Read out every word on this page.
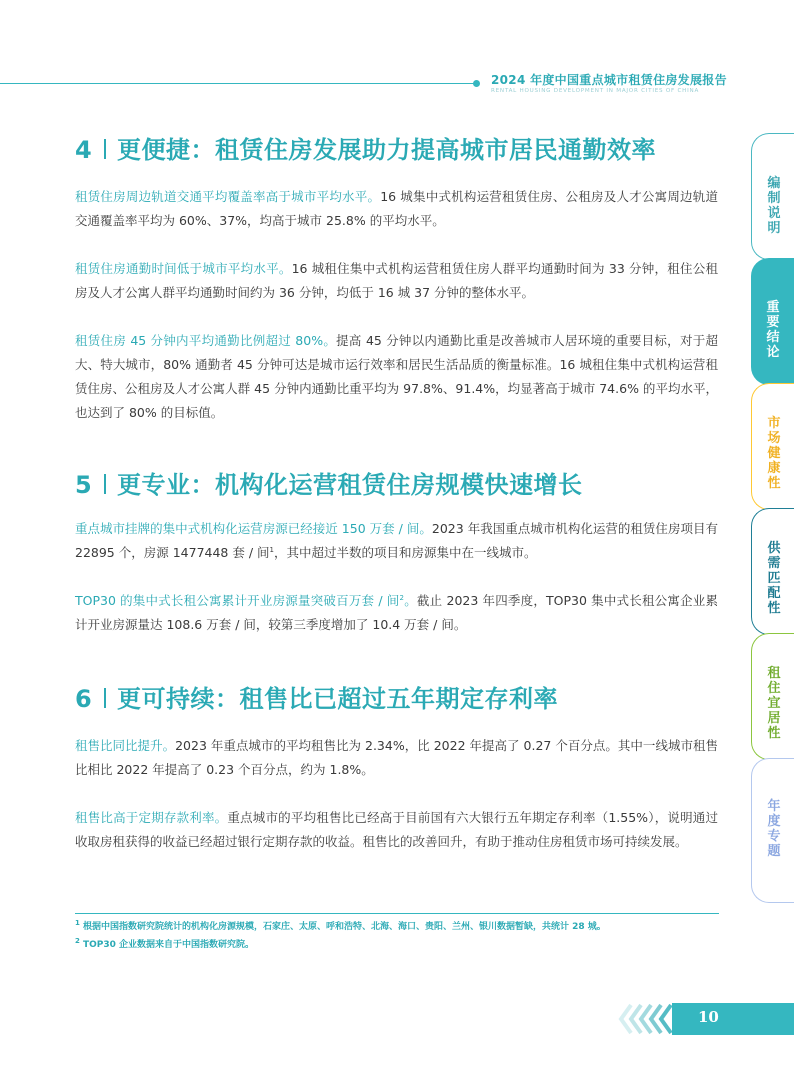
2024 年度中国重点城市租赁住房发展报告
RENTAL HOUSING DEVELOPMENT IN MAJOR CITIES OF CHINA
编制说明
重要结论
市场健康性
供需匹配性
租住宜居性
年度专题
4 更便捷：租赁住房发展助力提高城市居民通勤效率

租赁住房周边轨道交通平均覆盖率高于城市平均水平。16 城集中式机构运营租赁住房、公租房及人才公寓周边轨道交通覆盖率平均为 60%、37%，均高于城市 25.8% 的平均水平。

租赁住房通勤时间低于城市平均水平。16 城租住集中式机构运营租赁住房人群平均通勤时间为 33 分钟，租住公租房及人才公寓人群平均通勤时间约为 36 分钟，均低于 16 城 37 分钟的整体水平。

租赁住房 45 分钟内平均通勤比例超过 80%。提高 45 分钟以内通勤比重是改善城市人居环境的重要目标，对于超大、特大城市，80% 通勤者 45 分钟可达是城市运行效率和居民生活品质的衡量标准。16 城租住集中式机构运营租赁住房、公租房及人才公寓人群 45 分钟内通勤比重平均为 97.8%、91.4%，均显著高于城市 74.6% 的平均水平，也达到了 80% 的目标值。

5 更专业：机构化运营租赁住房规模快速增长

重点城市挂牌的集中式机构化运营房源已经接近 150 万套 / 间。2023 年我国重点城市机构化运营的租赁住房项目有 22895 个，房源 1477448 套 / 间$^1$，其中超过半数的项目和房源集中在一线城市。

TOP30 的集中式长租公寓累计开业房源量突破百万套 / 间$^2$。截止 2023 年四季度，TOP30 集中式长租公寓企业累计开业房源量达 108.6 万套 / 间，较第三季度增加了 10.4 万套 / 间。

6 更可持续：租售比已超过五年期定存利率

租售比同比提升。2023 年重点城市的平均租售比为 2.34%，比 2022 年提高了 0.27 个百分点。其中一线城市租售比相比 2022 年提高了 0.23 个百分点，约为 1.8%。

租售比高于定期存款利率。重点城市的平均租售比已经高于目前国有六大银行五年期定存利率（1.55%），说明通过收取房租获得的收益已经超过银行定期存款的收益。租售比的改善回升，有助于推动住房租赁市场可持续发展。

$^1$ 根据中国指数研究院统计的机构化房源规模，石家庄、太原、呼和浩特、北海、海口、贵阳、兰州、银川数据暂缺，共统计 28 城。
$^2$ TOP30 企业数据来自于中国指数研究院。
10
